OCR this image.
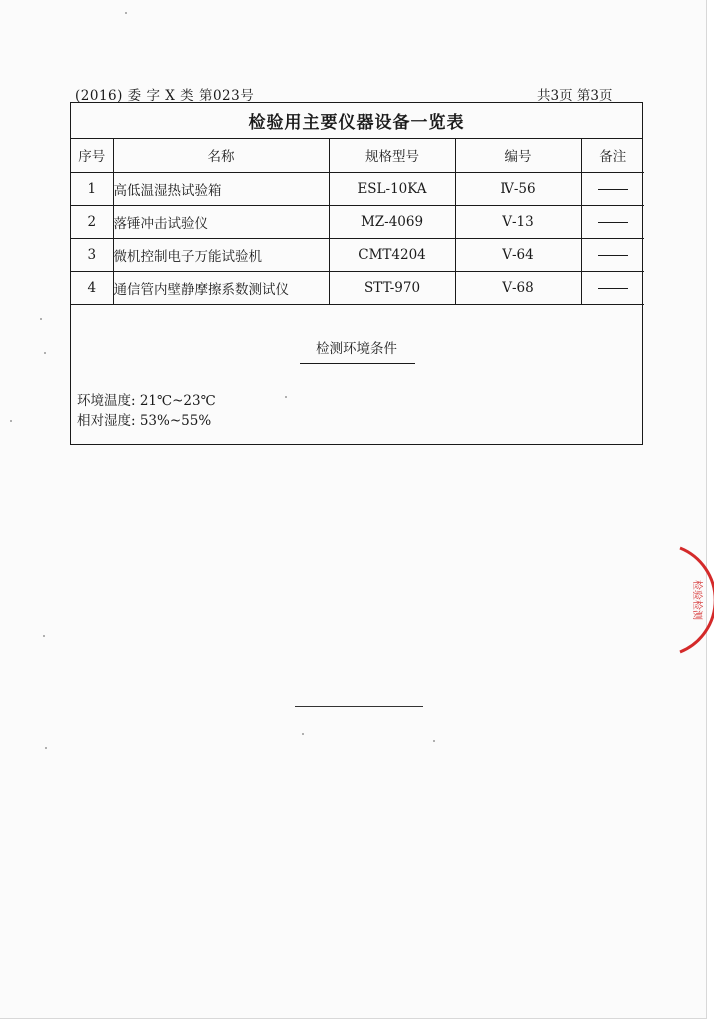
(2016) 委 字 X 类 第023号	共3页 第3页
检验用主要仪器设备一览表
序号	名称	规格型号	编号	备注
1	高低温湿热试验箱	ESL-10KA	Ⅳ-56	
2	落锤冲击试验仪	MZ-4069	Ⅴ-13	
3	微机控制电子万能试验机	CMT4204	Ⅴ-64	
4	通信管内壁静摩擦系数测试仪	STT-970	Ⅴ-68	
检测环境条件
环境温度: 21℃~23℃
相对湿度: 53%~55%
检验检测
